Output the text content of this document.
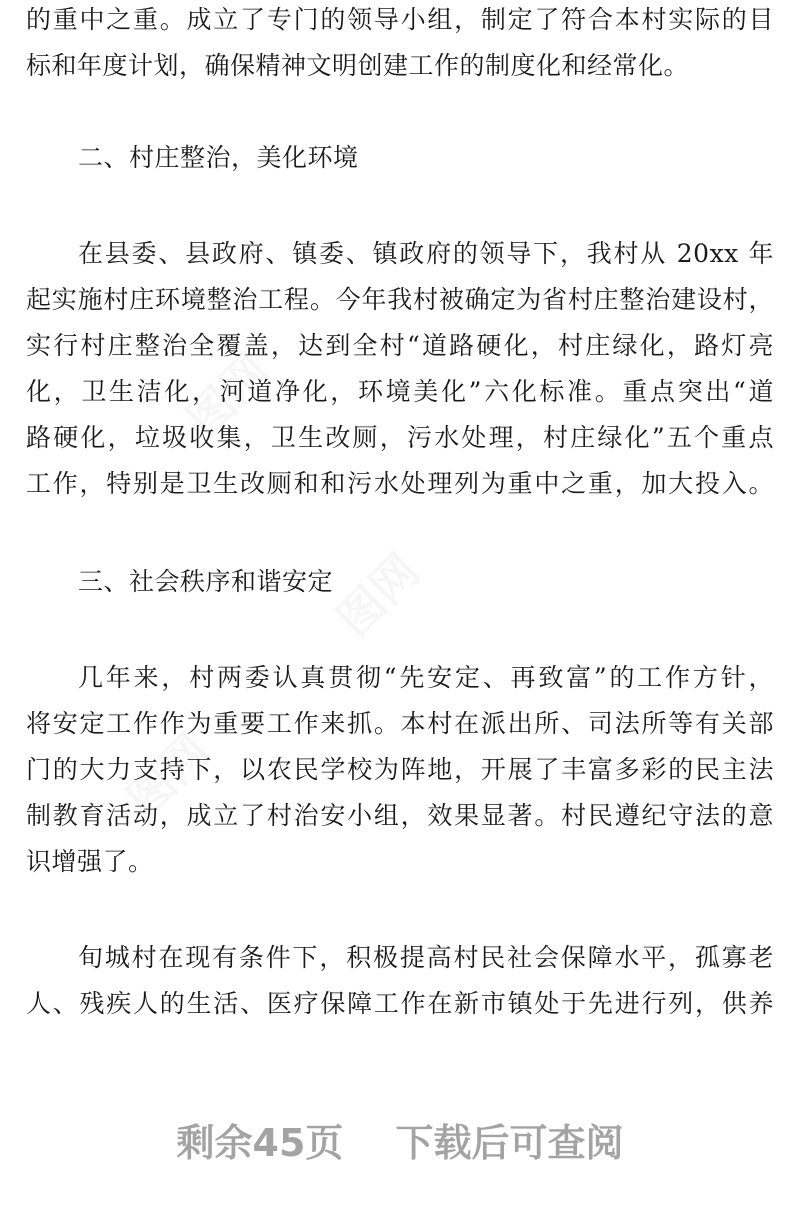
的重中之重。成立了专门的领导小组，制定了符合本村实际的目
标和年度计划，确保精神文明创建工作的制度化和经常化。
二、村庄整治，美化环境
在县委、县政府、镇委、镇政府的领导下，我村从 20xx 年
起实施村庄环境整治工程。今年我村被确定为省村庄整治建设村，
实行村庄整治全覆盖，达到全村“道路硬化，村庄绿化，路灯亮
化，卫生洁化，河道净化，环境美化”六化标准。重点突出“道
路硬化，垃圾收集，卫生改厕，污水处理，村庄绿化”五个重点
工作，特别是卫生改厕和和污水处理列为重中之重，加大投入。
三、社会秩序和谐安定
几年来，村两委认真贯彻“先安定、再致富”的工作方针，
将安定工作作为重要工作来抓。本村在派出所、司法所等有关部
门的大力支持下，以农民学校为阵地，开展了丰富多彩的民主法
制教育活动，成立了村治安小组，效果显著。村民遵纪守法的意
识增强了。
旬城村在现有条件下，积极提高村民社会保障水平，孤寡老
人、残疾人的生活、医疗保障工作在新市镇处于先进行列，供养
剩余45页 下载后可查阅
